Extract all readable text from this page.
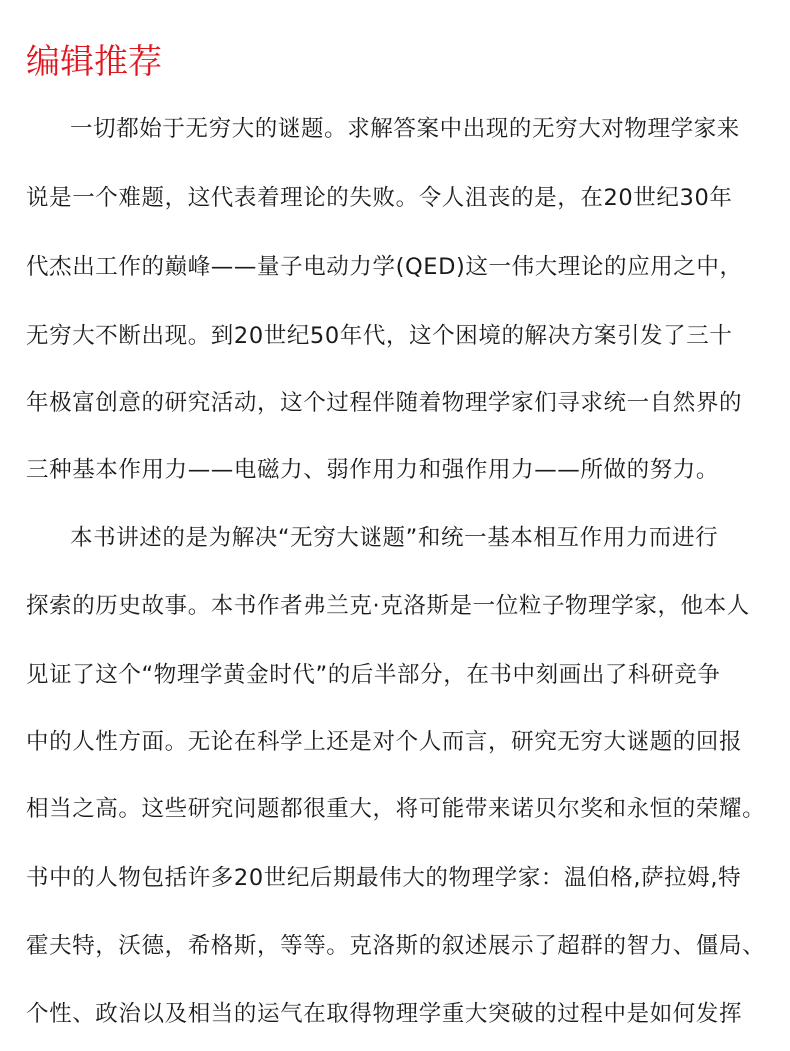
编辑推荐

一切都始于无穷大的谜题。求解答案中出现的无穷大对物理学家来

说是一个难题，这代表着理论的失败。令人沮丧的是，在20世纪30年

代杰出工作的巅峰——量子电动力学(QED)这一伟大理论的应用之中，

无穷大不断出现。到20世纪50年代，这个困境的解决方案引发了三十

年极富创意的研究活动，这个过程伴随着物理学家们寻求统一自然界的

三种基本作用力——电磁力、弱作用力和强作用力——所做的努力。

本书讲述的是为解决“无穷大谜题”和统一基本相互作用力而进行

探索的历史故事。本书作者弗兰克·克洛斯是一位粒子物理学家，他本人

见证了这个“物理学黄金时代”的后半部分，在书中刻画出了科研竞争

中的人性方面。无论在科学上还是对个人而言，研究无穷大谜题的回报

相当之高。这些研究问题都很重大，将可能带来诺贝尔奖和永恒的荣耀。

书中的人物包括许多20世纪后期最伟大的物理学家：温伯格,萨拉姆,特

霍夫特，沃德，希格斯，等等。克洛斯的叙述展示了超群的智力、僵局、

个性、政治以及相当的运气在取得物理学重大突破的过程中是如何发挥
